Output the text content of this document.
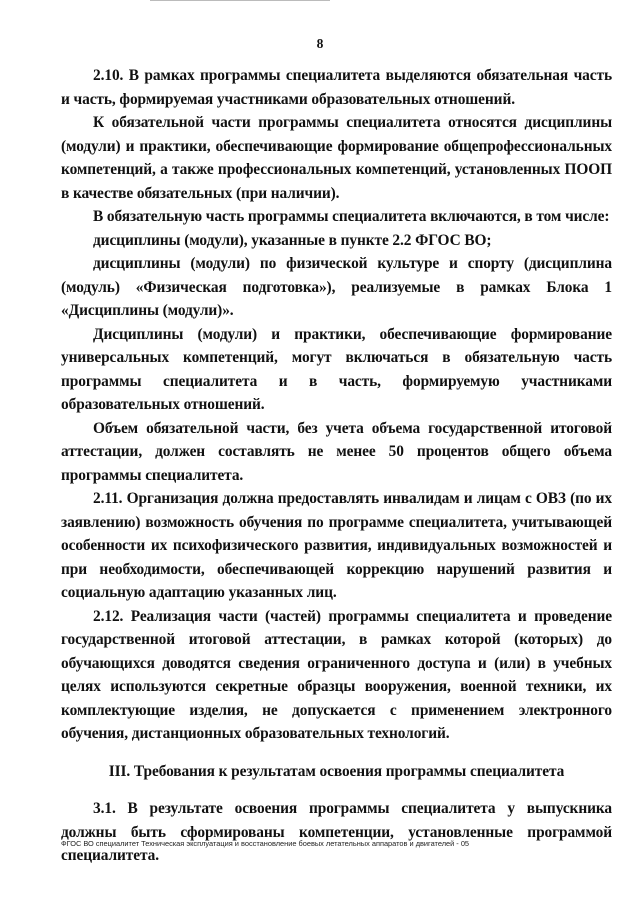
8

2.10. В рамках программы специалитета выделяются обязательная часть и часть, формируемая участниками образовательных отношений.

К обязательной части программы специалитета относятся дисциплины (модули) и практики, обеспечивающие формирование общепрофессиональных компетенций, а также профессиональных компетенций, установленных ПООП в качестве обязательных (при наличии).

В обязательную часть программы специалитета включаются, в том числе:

дисциплины (модули), указанные в пункте 2.2 ФГОС ВО;

дисциплины (модули) по физической культуре и спорту (дисциплина (модуль) «Физическая подготовка»), реализуемые в рамках Блока 1 «Дисциплины (модули)».

Дисциплины (модули) и практики, обеспечивающие формирование универсальных компетенций, могут включаться в обязательную часть программы специалитета и в часть, формируемую участниками образовательных отношений.

Объем обязательной части, без учета объема государственной итоговой аттестации, должен составлять не менее 50 процентов общего объема программы специалитета.

2.11. Организация должна предоставлять инвалидам и лицам с ОВЗ (по их заявлению) возможность обучения по программе специалитета, учитывающей особенности их психофизического развития, индивидуальных возможностей и при необходимости, обеспечивающей коррекцию нарушений развития и социальную адаптацию указанных лиц.

2.12. Реализация части (частей) программы специалитета и проведение государственной итоговой аттестации, в рамках которой (которых) до обучающихся доводятся сведения ограниченного доступа и (или) в учебных целях используются секретные образцы вооружения, военной техники, их комплектующие изделия, не допускается с применением электронного обучения, дистанционных образовательных технологий.

III. Требования к результатам освоения программы специалитета

3.1. В результате освоения программы специалитета у выпускника должны быть сформированы компетенции, установленные программой специалитета.

ФГОС ВО специалитет Техническая эксплуатация и восстановление боевых летательных аппаратов и двигателей - 05
